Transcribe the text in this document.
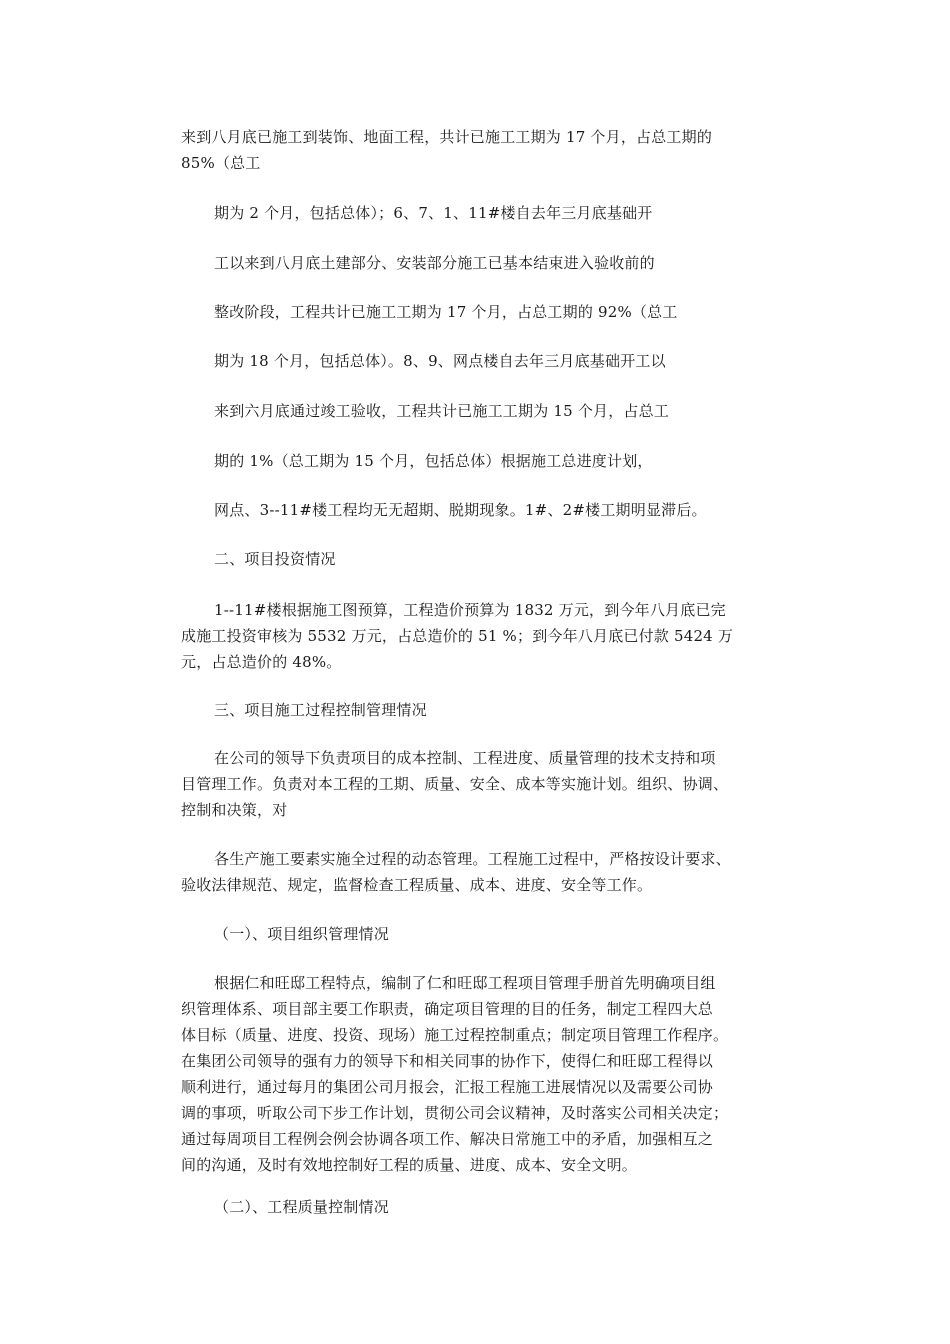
来到八月底已施工到装饰、地面工程，共计已施工工期为 17 个月，占总工期的
85%（总工
期为 2 个月，包括总体）；6、7、1、11#楼自去年三月底基础开
工以来到八月底土建部分、安装部分施工已基本结束进入验收前的
整改阶段，工程共计已施工工期为 17 个月，占总工期的 92%（总工
期为 18 个月，包括总体）。8、9、网点楼自去年三月底基础开工以
来到六月底通过竣工验收，工程共计已施工工期为 15 个月，占总工
期的 1%（总工期为 15 个月，包括总体）根据施工总进度计划，
网点、3--11#楼工程均无无超期、脱期现象。1#、2#楼工期明显滞后。
二、项目投资情况
1--11#楼根据施工图预算，工程造价预算为 1832 万元，到今年八月底已完
成施工投资审核为 5532 万元，占总造价的 51 %；到今年八月底已付款 5424 万
元，占总造价的 48%。
三、项目施工过程控制管理情况
在公司的领导下负责项目的成本控制、工程进度、质量管理的技术支持和项
目管理工作。负责对本工程的工期、质量、安全、成本等实施计划。组织、协调、
控制和决策，对
各生产施工要素实施全过程的动态管理。工程施工过程中，严格按设计要求、
验收法律规范、规定，监督检查工程质量、成本、进度、安全等工作。
（一）、项目组织管理情况
根据仁和旺邸工程特点，编制了仁和旺邸工程项目管理手册首先明确项目组
织管理体系、项目部主要工作职责，确定项目管理的目的任务，制定工程四大总
体目标（质量、进度、投资、现场）施工过程控制重点；制定项目管理工作程序。
在集团公司领导的强有力的领导下和相关同事的协作下，使得仁和旺邸工程得以
顺利进行，通过每月的集团公司月报会，汇报工程施工进展情况以及需要公司协
调的事项，听取公司下步工作计划，贯彻公司会议精神，及时落实公司相关决定；
通过每周项目工程例会例会协调各项工作、解决日常施工中的矛盾，加强相互之
间的沟通，及时有效地控制好工程的质量、进度、成本、安全文明。
（二）、工程质量控制情况
